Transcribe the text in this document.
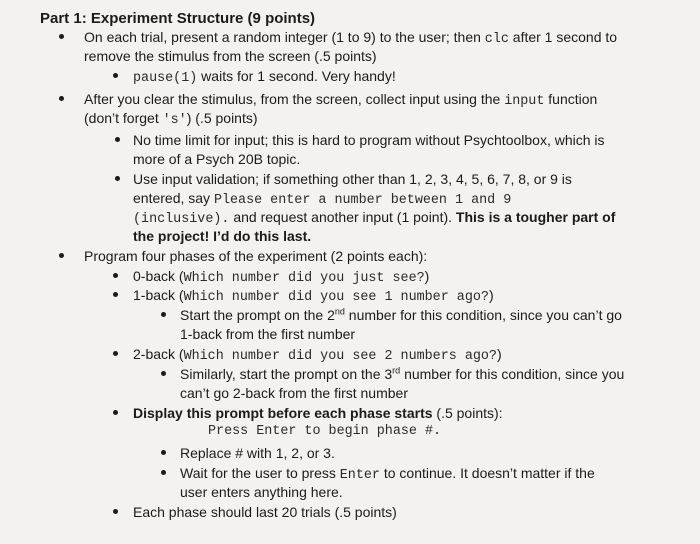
Part 1: Experiment Structure (9 points)
On each trial, present a random integer (1 to 9) to the user; then clc after 1 second to
remove the stimulus from the screen (.5 points)
pause(1) waits for 1 second. Very handy!
After you clear the stimulus, from the screen, collect input using the input function
(don’t forget 's') (.5 points)
No time limit for input; this is hard to program without Psychtoolbox, which is
more of a Psych 20B topic.
Use input validation; if something other than 1, 2, 3, 4, 5, 6, 7, 8, or 9 is
entered, say Please enter a number between 1 and 9
(inclusive). and request another input (1 point). This is a tougher part of
the project! I’d do this last.
Program four phases of the experiment (2 points each):
0-back (Which number did you just see?)
1-back (Which number did you see 1 number ago?)
Start the prompt on the 2nd number for this condition, since you can’t go
1-back from the first number
2-back (Which number did you see 2 numbers ago?)
Similarly, start the prompt on the 3rd number for this condition, since you
can’t go 2-back from the first number
Display this prompt before each phase starts (.5 points):
Press Enter to begin phase #.
Replace # with 1, 2, or 3.
Wait for the user to press Enter to continue. It doesn’t matter if the
user enters anything here.
Each phase should last 20 trials (.5 points)
